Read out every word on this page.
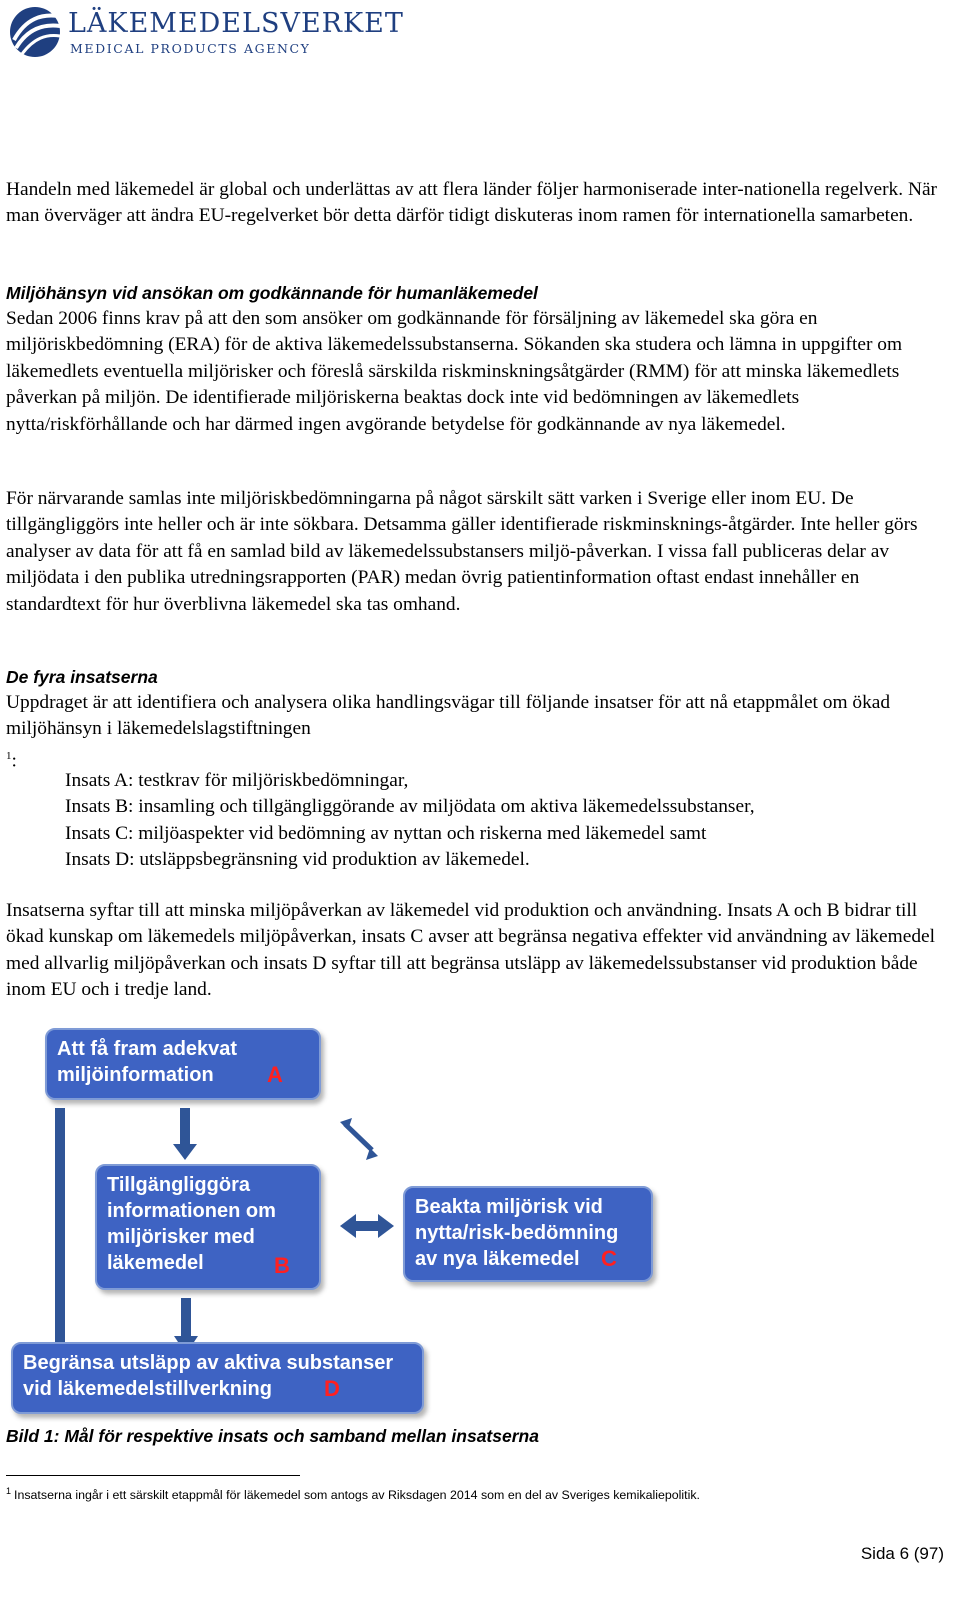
LÄKEMEDELSVERKET
MEDICAL PRODUCTS AGENCY

Handeln med läkemedel är global och underlättas av att flera länder följer harmoniserade inter-nationella regelverk. När man överväger att ändra EU-regelverket bör detta därför tidigt diskuteras inom ramen för internationella samarbeten.

Miljöhänsyn vid ansökan om godkännande för humanläkemedel

Sedan 2006 finns krav på att den som ansöker om godkännande för försäljning av läkemedel ska göra en miljöriskbedömning (ERA) för de aktiva läkemedelssubstanserna. Sökanden ska studera och lämna in uppgifter om läkemedlets eventuella miljörisker och föreslå särskilda riskminskningsåtgärder (RMM) för att minska läkemedlets påverkan på miljön. De identifierade miljöriskerna beaktas dock inte vid bedömningen av läkemedlets nytta/riskförhållande och har därmed ingen avgörande betydelse för godkännande av nya läkemedel.

För närvarande samlas inte miljöriskbedömningarna på något särskilt sätt varken i Sverige eller inom EU. De tillgängliggörs inte heller och är inte sökbara. Detsamma gäller identifierade riskminsknings-åtgärder. Inte heller görs analyser av data för att få en samlad bild av läkemedelssubstansers miljö-påverkan. I vissa fall publiceras delar av miljödata i den publika utredningsrapporten (PAR) medan övrig patientinformation oftast endast innehåller en standardtext för hur överblivna läkemedel ska tas omhand.

De fyra insatserna

Uppdraget är att identifiera och analysera olika handlingsvägar till följande insatser för att nå etappmålet om ökad miljöhänsyn i läkemedelslagstiftningen

$^1$:

Insats A: testkrav för miljöriskbedömningar,
Insats B: insamling och tillgängliggörande av miljödata om aktiva läkemedelssubstanser,
Insats C: miljöaspekter vid bedömning av nyttan och riskerna med läkemedel samt
Insats D: utsläppsbegränsning vid produktion av läkemedel.

Insatserna syftar till att minska miljöpåverkan av läkemedel vid produktion och användning. Insats A och B bidrar till ökad kunskap om läkemedels miljöpåverkan, insats C avser att begränsa negativa effekter vid användning av läkemedel med allvarlig miljöpåverkan och insats D syftar till att begränsa utsläpp av läkemedelssubstanser vid produktion både inom EU och i tredje land.

Att få fram adekvat
miljöinformation	A
Tillgängliggöra
informationen om
miljörisker med
läkemedel	B
Beakta miljörisk vid
nytta/risk-bedömning
av nya läkemedel C
Begränsa utsläpp av aktiva substanser
vid läkemedelstillverkning	D
Bild 1: Mål för respektive insats och samband mellan insatserna
$^1$ Insatserna ingår i ett särskilt etappmål för läkemedel som antogs av Riksdagen 2014 som en del av Sveriges kemikaliepolitik.
Sida 6 (97)
